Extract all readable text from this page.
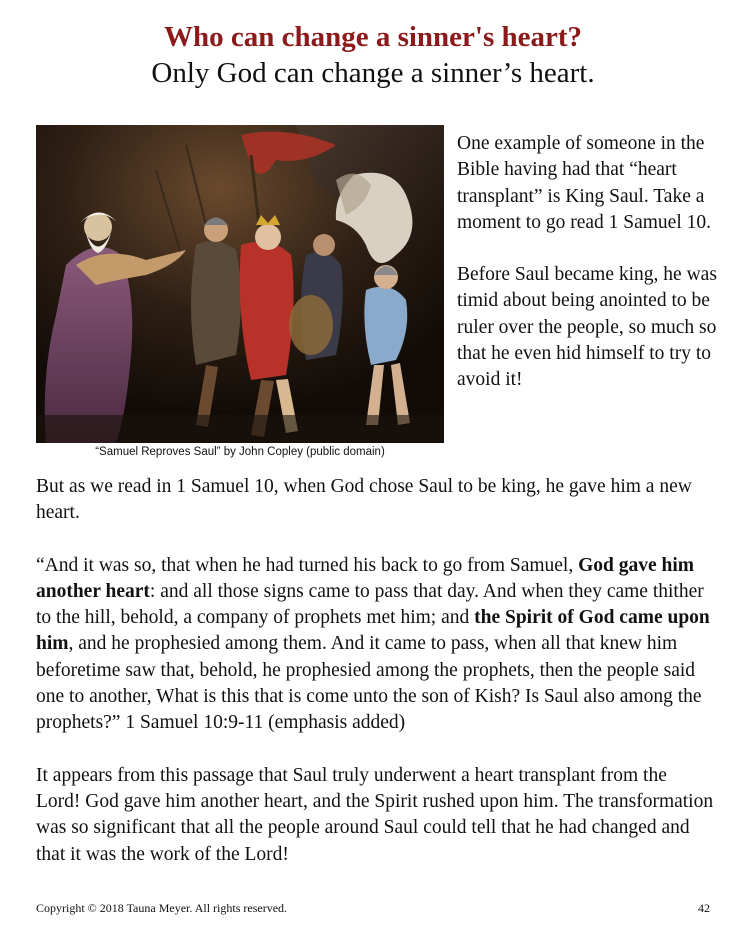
Who can change a sinner's heart?
Only God can change a sinner’s heart.
“Samuel Reproves Saul” by John Copley (public domain)

One example of someone in the Bible having had that “heart transplant” is King Saul. Take a moment to go read 1 Samuel 10.

Before Saul became king, he was timid about being anointed to be ruler over the people, so much so that he even hid himself to try to avoid it!

But as we read in 1 Samuel 10, when God chose Saul to be king, he gave him a new heart.

“And it was so, that when he had turned his back to go from Samuel, God gave him another heart: and all those signs came to pass that day. And when they came thither to the hill, behold, a company of prophets met him; and the Spirit of God came upon him, and he prophesied among them. And it came to pass, when all that knew him beforetime saw that, behold, he prophesied among the prophets, then the people said one to another, What is this that is come unto the son of Kish? Is Saul also among the prophets?” 1 Samuel 10:9-11 (emphasis added)

It appears from this passage that Saul truly underwent a heart transplant from the Lord! God gave him another heart, and the Spirit rushed upon him. The transformation was so significant that all the people around Saul could tell that he had changed and that it was the work of the Lord!

Copyright © 2018 Tauna Meyer. All rights reserved.	42
